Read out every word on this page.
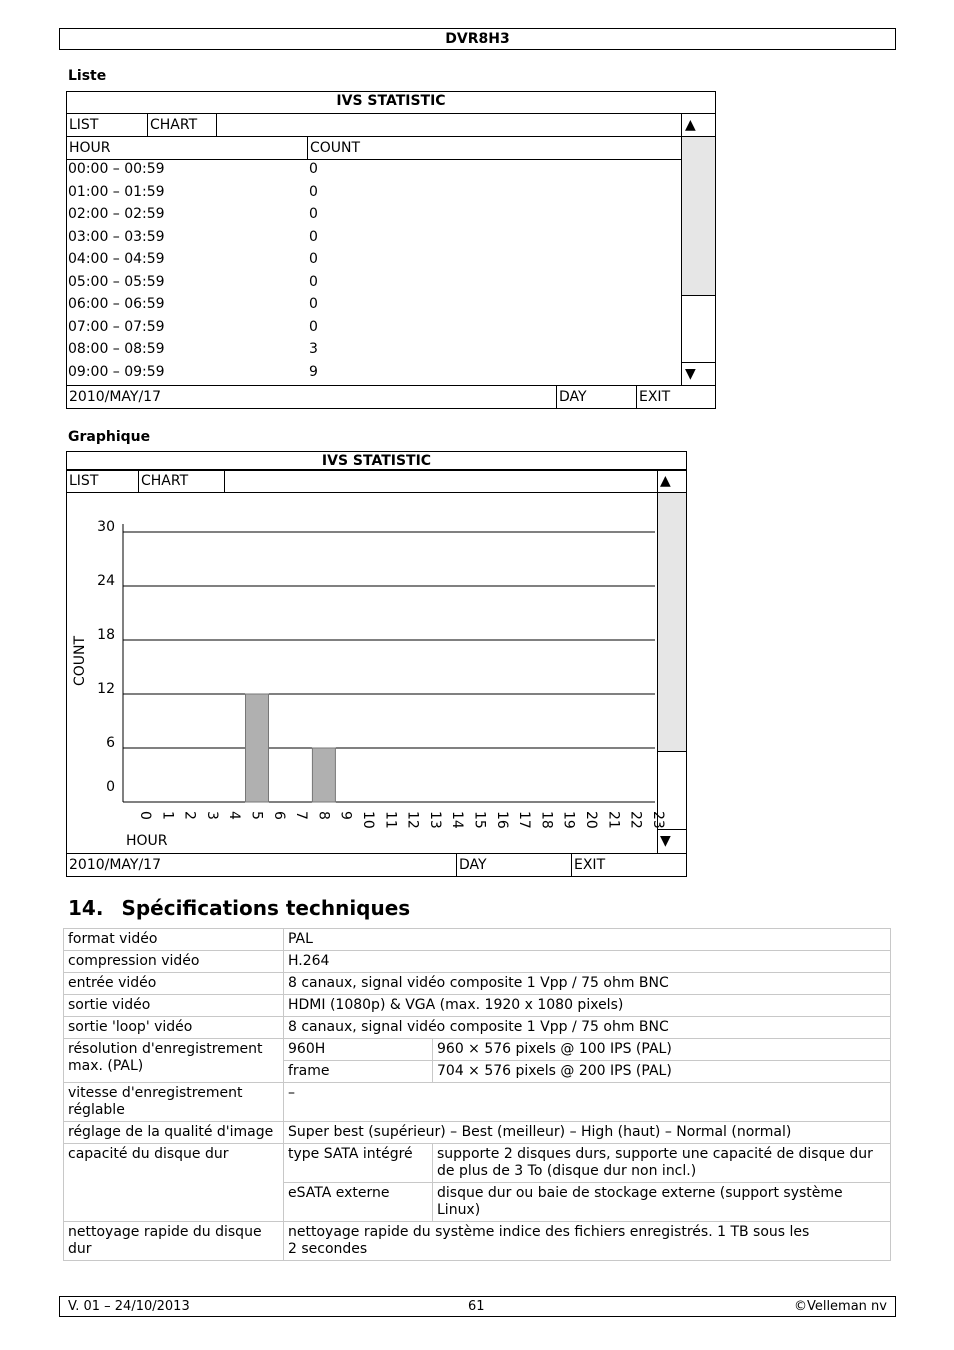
DVR8H3
Liste
IVS STATISTIC
LIST	CHART	▲
HOUR	COUNT
▼
2010/MAY/17	DAY	EXIT
00:00 – 00:59	0
01:00 – 01:59	0
02:00 – 02:59	0
03:00 – 03:59	0
04:00 – 04:59	0
05:00 – 05:59	0
06:00 – 06:59	0
07:00 – 07:59	0
08:00 – 08:59	3
09:00 – 09:59	9
Graphique
IVS STATISTIC
LIST	CHART	▲
▼
2010/MAY/17	DAY	EXIT
COUNT
HOUR
0
6
12
18
24
30
0 1 2 3 4 5 6 7 8 9 10 11 12 13 14 15 16 17 18 19 20 21 22 23
14. Spécifications techniques
format vidéo	PAL	
compression vidéo	H.264	
entrée vidéo	8 canaux, signal vidéo composite 1 Vpp / 75 ohm BNC	
sortie vidéo	HDMI (1080p) & VGA (max. 1920 x 1080 pixels)	
sortie 'loop' vidéo	8 canaux, signal vidéo composite 1 Vpp / 75 ohm BNC	
résolution d'enregistrement max. (PAL)	960H	960 × 576 pixels @ 100 IPS (PAL)
	frame	704 × 576 pixels @ 200 IPS (PAL)
vitesse d'enregistrement réglable	–	
réglage de la qualité d'image	Super best (supérieur) – Best (meilleur) – High (haut) – Normal (normal)	
capacité du disque dur	type SATA intégré	supporte 2 disques durs, supporte une capacité de disque dur de plus de 3 To (disque dur non incl.)
	eSATA externe	disque dur ou baie de stockage externe (support système Linux)
nettoyage rapide du disque dur	nettoyage rapide du système indice des fichiers enregistrés. 1 TB sous les
2 secondes	
V. 01 – 24/10/2013	61	©Velleman nv
